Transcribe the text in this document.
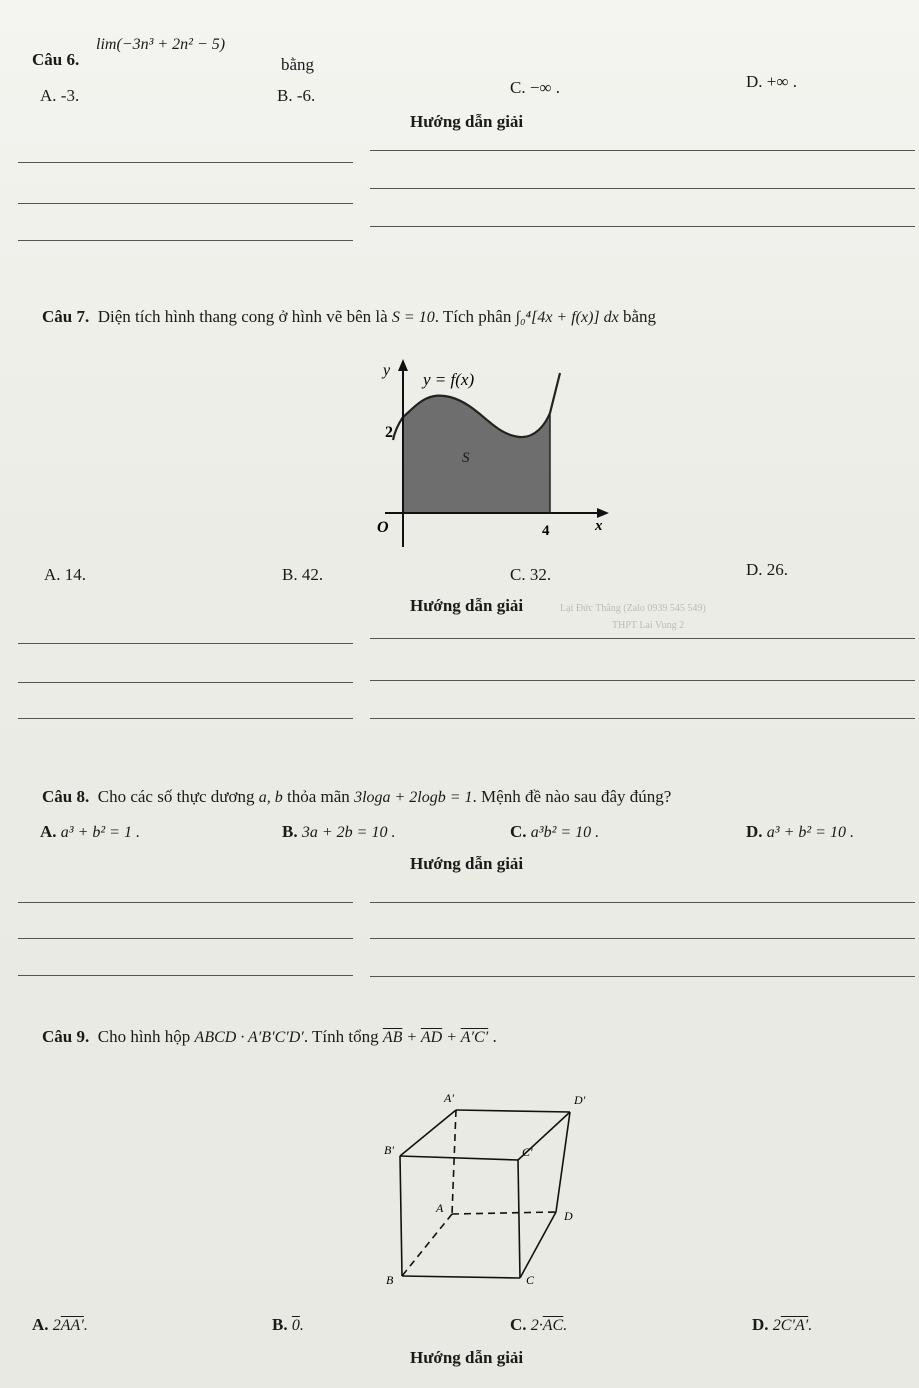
Câu 6.
lim(−3n³ + 2n² − 5)
bằng
A. -3.	B. -6.	C. −∞ .	D. +∞ .
Hướng dẫn giải
Câu 7. Diện tích hình thang cong ở hình vẽ bên là S = 10. Tích phân ∫₀⁴[4x + f(x)] dx bằng
y y = f(x)
2
S
O	4	x
A. 14.	B. 42.	C. 32.	D. 26.
Hướng dẫn giải	Lại Đức Thắng (Zalo 0939 545 549)
THPT Lai Vung 2
Câu 8. Cho các số thực dương a, b thỏa mãn 3loga + 2logb = 1. Mệnh đề nào sau đây đúng?
A. a³ + b² = 1 .	B. 3a + 2b = 10 .	C. a³b² = 10 .	D. a³ + b² = 10 .
Hướng dẫn giải
Câu 9. Cho hình hộp ABCD · A′B′C′D′. Tính tổng $\overline{AB} + \overline{AD} + A'C'$ .
A'	D'
B'	C'
A
D
B	C
A. 2AA′.	B. 0.	C. $2\cdot\overline{AC}$.	D. 2C′A′.
Hướng dẫn giải
